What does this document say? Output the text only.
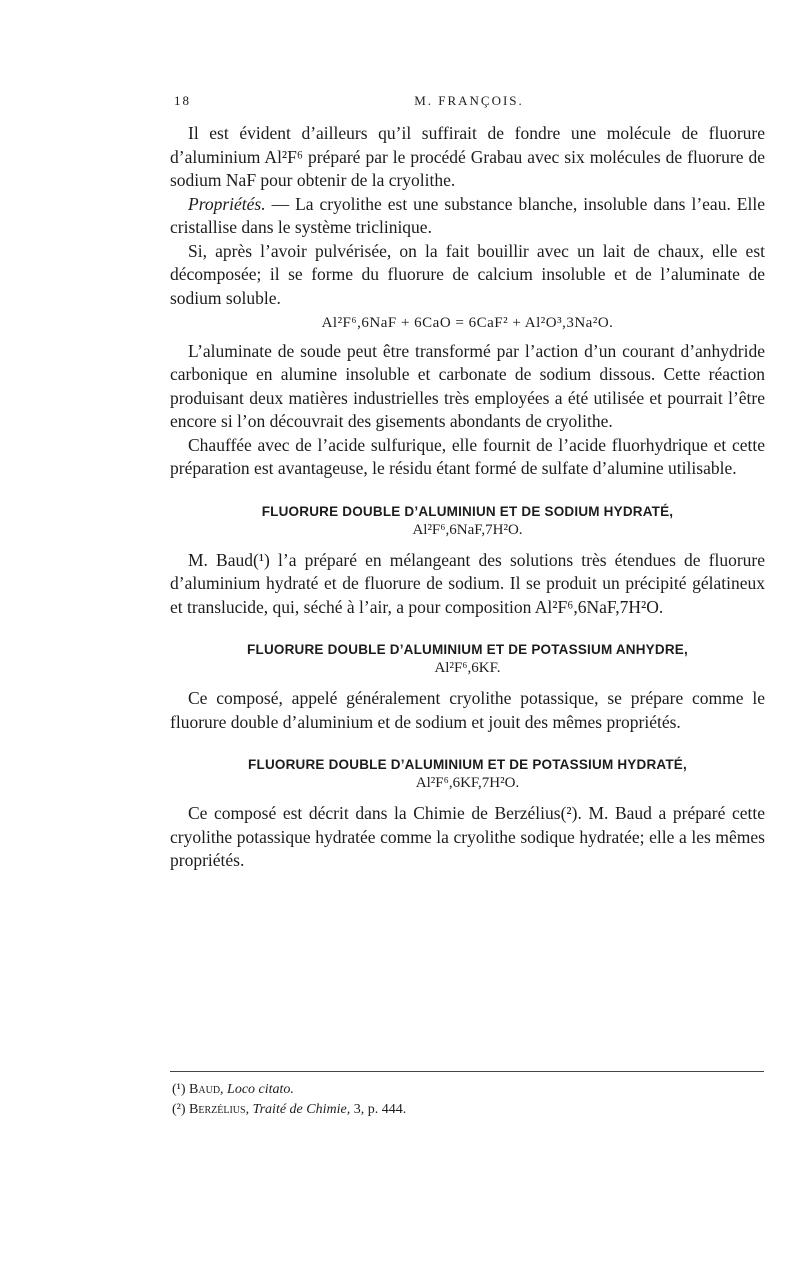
18	M. FRANÇOIS.

Il est évident d’ailleurs qu’il suffirait de fondre une molécule de fluorure d’aluminium Al²F⁶ préparé par le procédé Grabau avec six molécules de fluorure de sodium NaF pour obtenir de la cryolithe.

Propriétés. — La cryolithe est une substance blanche, insoluble dans l’eau. Elle cristallise dans le système triclinique.

Si, après l’avoir pulvérisée, on la fait bouillir avec un lait de chaux, elle est décomposée; il se forme du fluorure de calcium insoluble et de l’aluminate de sodium soluble.

Al²F⁶,6NaF + 6CaO = 6CaF² + Al²O³,3Na²O.

L’aluminate de soude peut être transformé par l’action d’un courant d’anhydride carbonique en alumine insoluble et carbonate de sodium dissous. Cette réaction produisant deux matières industrielles très employées a été utilisée et pourrait l’être encore si l’on découvrait des gisements abondants de cryolithe.

Chauffée avec de l’acide sulfurique, elle fournit de l’acide fluorhydrique et cette préparation est avantageuse, le résidu étant formé de sulfate d’alumine utilisable.

FLUORURE DOUBLE D’ALUMINIUN ET DE SODIUM HYDRATÉ,

Al²F⁶,6NaF,7H²O.

M. Baud(¹) l’a préparé en mélangeant des solutions très étendues de fluorure d’aluminium hydraté et de fluorure de sodium. Il se produit un précipité gélatineux et translucide, qui, séché à l’air, a pour composition Al²F⁶,6NaF,7H²O.

FLUORURE DOUBLE D’ALUMINIUM ET DE POTASSIUM ANHYDRE,

Al²F⁶,6KF.

Ce composé, appelé généralement cryolithe potassique, se prépare comme le fluorure double d’aluminium et de sodium et jouit des mêmes propriétés.

FLUORURE DOUBLE D’ALUMINIUM ET DE POTASSIUM HYDRATÉ,

Al²F⁶,6KF,7H²O.

Ce composé est décrit dans la Chimie de Berzélius(²). M. Baud a préparé cette cryolithe potassique hydratée comme la cryolithe sodique hydratée; elle a les mêmes propriétés.

(¹) Baud, Loco citato.
(²) Berzélius, Traité de Chimie, 3, p. 444.
